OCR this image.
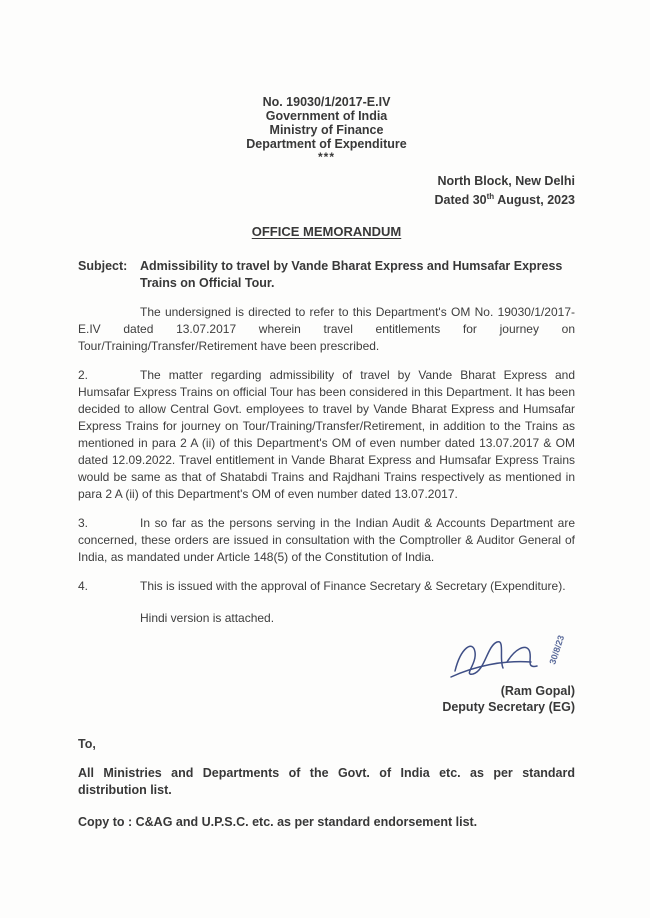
No. 19030/1/2017-E.IV
Government of India
Ministry of Finance
Department of Expenditure
***
North Block, New Delhi
Dated 30th August, 2023
OFFICE MEMORANDUM
Subject:	Admissibility to travel by Vande Bharat Express and Humsafar Express Trains on Official Tour.

The undersigned is directed to refer to this Department's OM No. 19030/1/2017-E.IV dated 13.07.2017 wherein travel entitlements for journey on Tour/Training/Transfer/Retirement have been prescribed.

2.	The matter regarding admissibility of travel by Vande Bharat Express and Humsafar Express Trains on official Tour has been considered in this Department. It has been decided to allow Central Govt. employees to travel by Vande Bharat Express and Humsafar Express Trains for journey on Tour/Training/Transfer/Retirement, in addition to the Trains as mentioned in para 2 A (ii) of this Department's OM of even number dated 13.07.2017 & OM dated 12.09.2022. Travel entitlement in Vande Bharat Express and Humsafar Express Trains would be same as that of Shatabdi Trains and Rajdhani Trains respectively as mentioned in para 2 A (ii) of this Department's OM of even number dated 13.07.2017.

3.	In so far as the persons serving in the Indian Audit & Accounts Department are concerned, these orders are issued in consultation with the Comptroller & Auditor General of India, as mandated under Article 148(5) of the Constitution of India.

4.	This is issued with the approval of Finance Secretary & Secretary (Expenditure).

Hindi version is attached.

30/8/23
(Ram Gopal)
Deputy Secretary (EG)
To,

All Ministries and Departments of the Govt. of India etc. as per standard distribution list.

Copy to : C&AG and U.P.S.C. etc. as per standard endorsement list.
